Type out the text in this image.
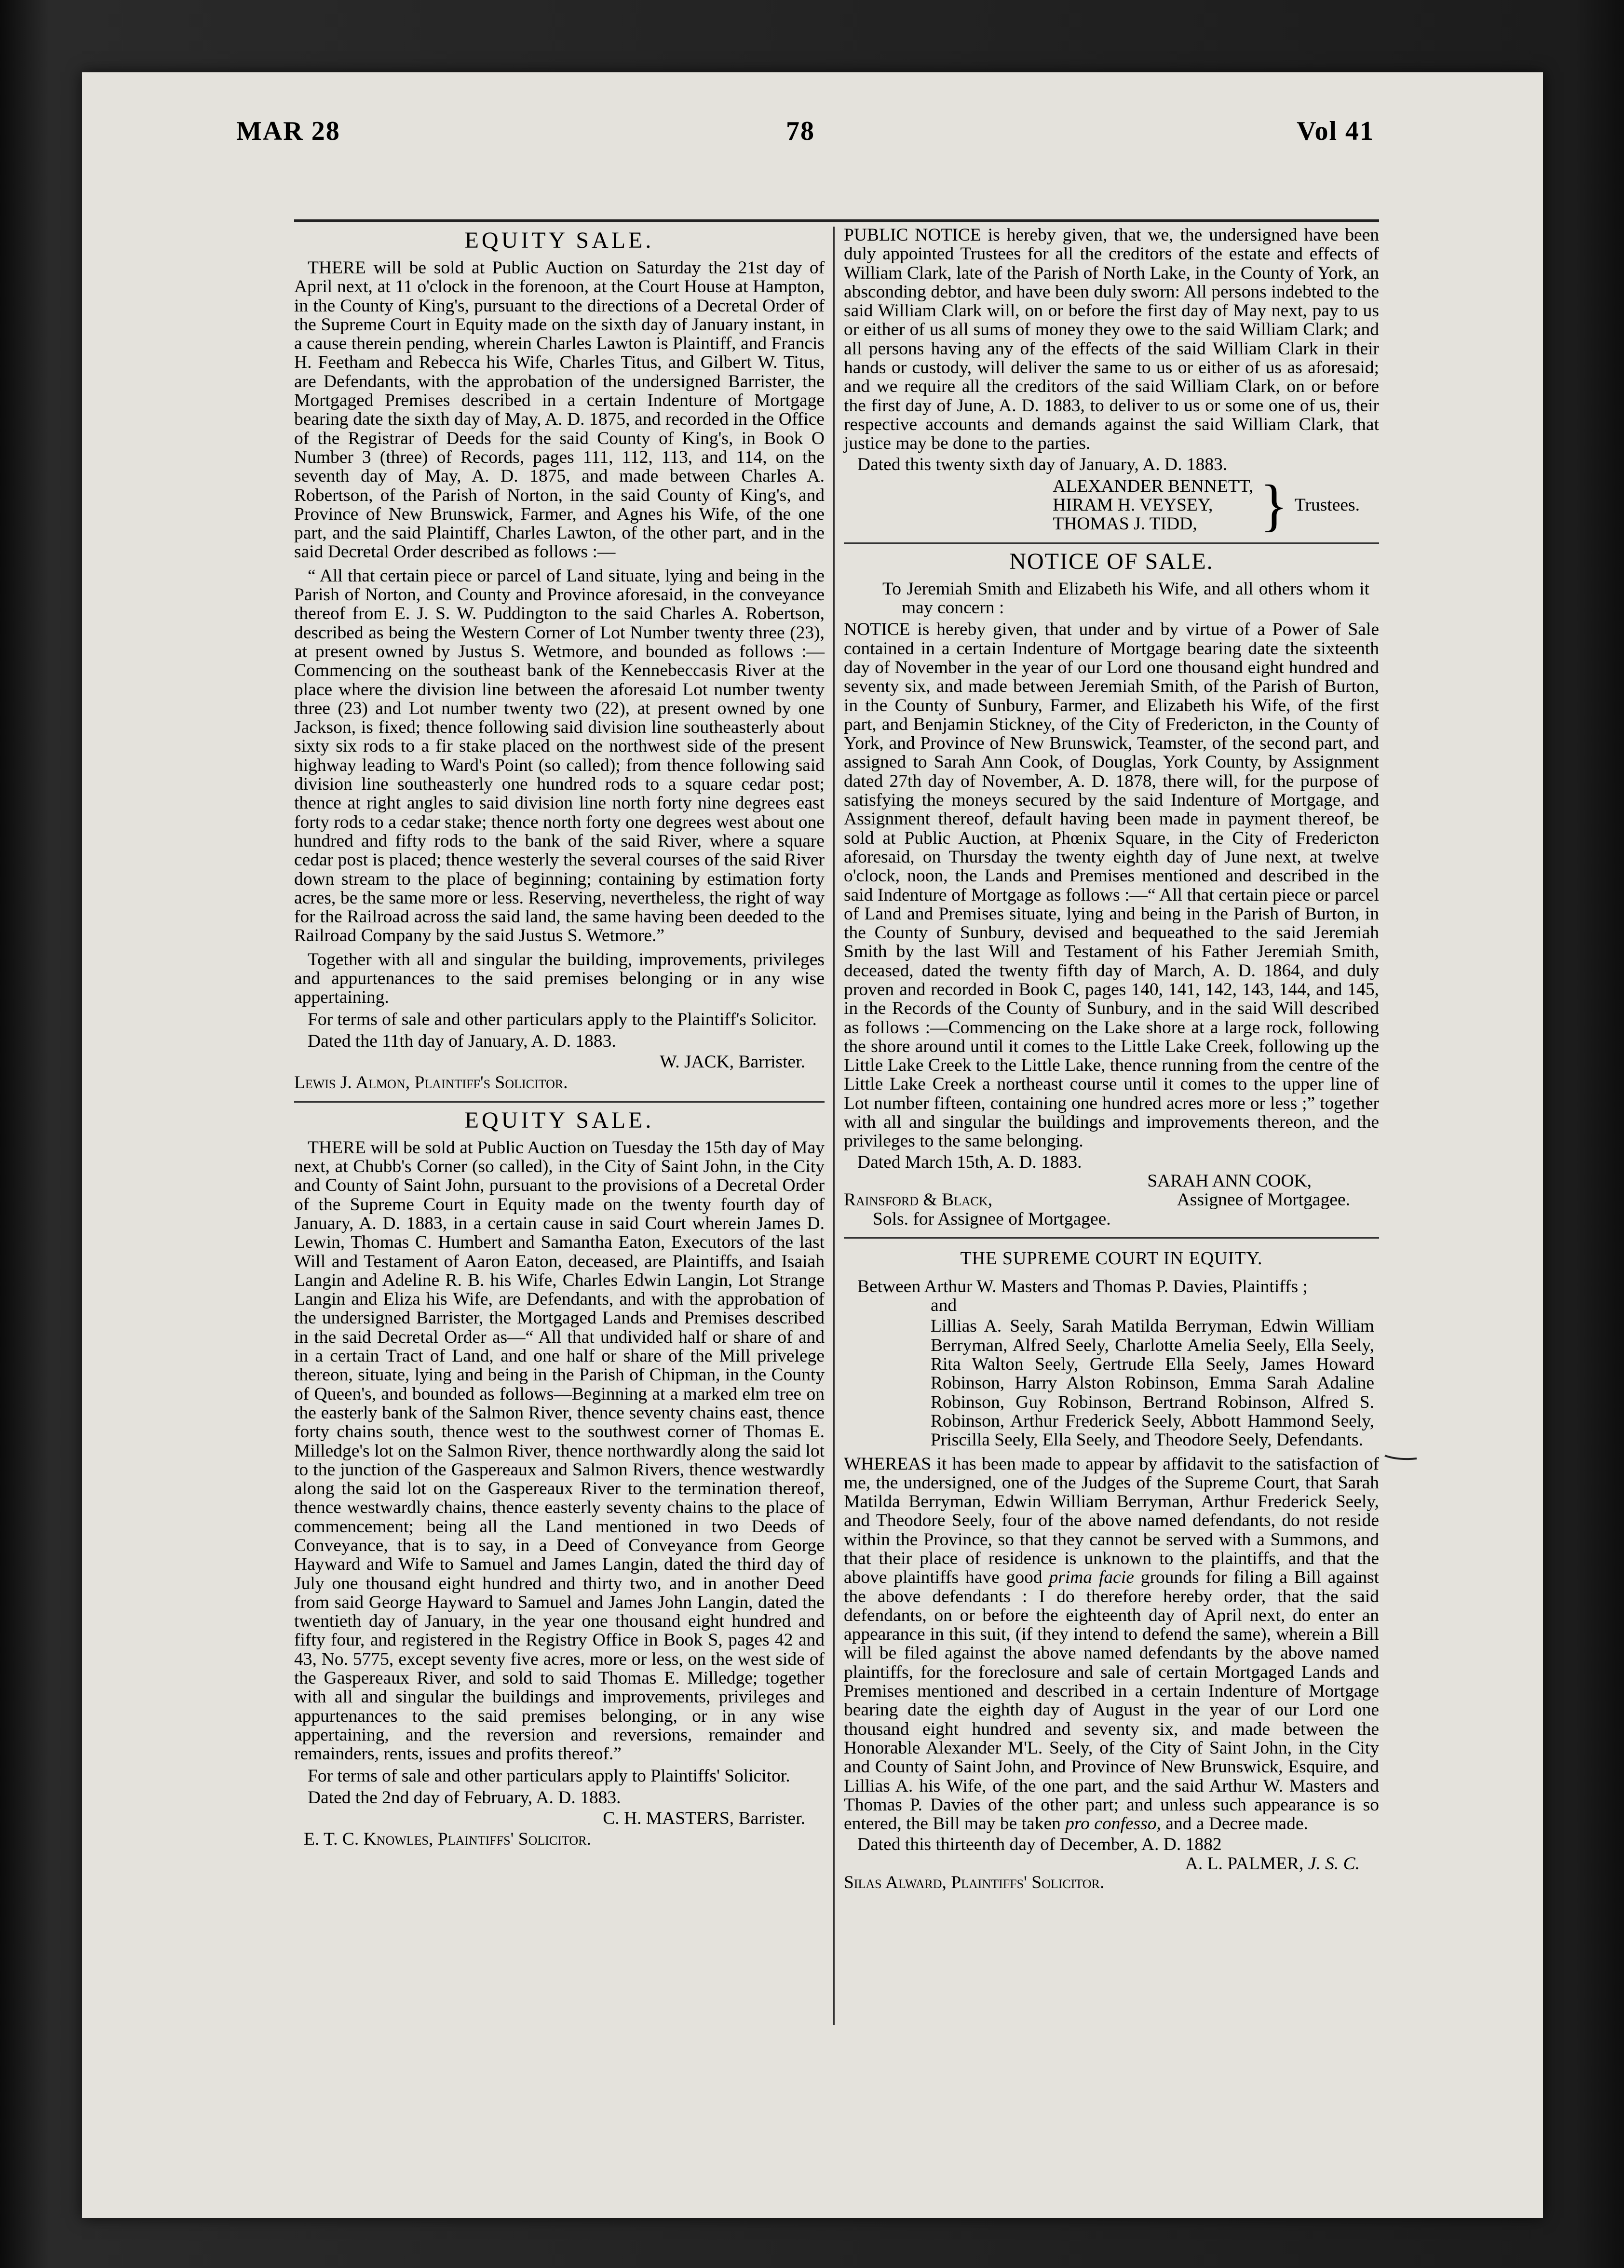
MAR 28	78	Vol 41
EQUITY SALE.

THERE will be sold at Public Auction on Saturday the 21st day of April next, at 11 o'clock in the forenoon, at the Court House at Hampton, in the County of King's, pursuant to the directions of a Decretal Order of the Supreme Court in Equity made on the sixth day of January instant, in a cause therein pending, wherein Charles Lawton is Plaintiff, and Francis H. Feetham and Rebecca his Wife, Charles Titus, and Gilbert W. Titus, are Defendants, with the approbation of the undersigned Barrister, the Mortgaged Premises described in a certain Indenture of Mortgage bearing date the sixth day of May, A. D. 1875, and recorded in the Office of the Registrar of Deeds for the said County of King's, in Book O Number 3 (three) of Records, pages 111, 112, 113, and 114, on the seventh day of May, A. D. 1875, and made between Charles A. Robertson, of the Parish of Norton, in the said County of King's, and Province of New Brunswick, Farmer, and Agnes his Wife, of the one part, and the said Plaintiff, Charles Lawton, of the other part, and in the said Decretal Order described as follows :—

“ All that certain piece or parcel of Land situate, lying and being in the Parish of Norton, and County and Province aforesaid, in the conveyance thereof from E. J. S. W. Puddington to the said Charles A. Robertson, described as being the Western Corner of Lot Number twenty three (23), at present owned by Justus S. Wetmore, and bounded as follows :—Commencing on the southeast bank of the Kennebeccasis River at the place where the division line between the aforesaid Lot number twenty three (23) and Lot number twenty two (22), at present owned by one Jackson, is fixed; thence following said division line southeasterly about sixty six rods to a fir stake placed on the northwest side of the present highway leading to Ward's Point (so called); from thence following said division line southeasterly one hundred rods to a square cedar post; thence at right angles to said division line north forty nine degrees east forty rods to a cedar stake; thence north forty one degrees west about one hundred and fifty rods to the bank of the said River, where a square cedar post is placed; thence westerly the several courses of the said River down stream to the place of beginning; containing by estimation forty acres, be the same more or less. Reserving, nevertheless, the right of way for the Railroad across the said land, the same having been deeded to the Railroad Company by the said Justus S. Wetmore.”

Together with all and singular the building, improvements, privileges and appurtenances to the said premises belonging or in any wise appertaining.

For terms of sale and other particulars apply to the Plaintiff's Solicitor.

Dated the 11th day of January, A. D. 1883.

W. JACK, Barrister.
Lewis J. Almon, Plaintiff's Solicitor.
EQUITY SALE.

THERE will be sold at Public Auction on Tuesday the 15th day of May next, at Chubb's Corner (so called), in the City of Saint John, in the City and County of Saint John, pursuant to the provisions of a Decretal Order of the Supreme Court in Equity made on the twenty fourth day of January, A. D. 1883, in a certain cause in said Court wherein James D. Lewin, Thomas C. Humbert and Samantha Eaton, Executors of the last Will and Testament of Aaron Eaton, deceased, are Plaintiffs, and Isaiah Langin and Adeline R. B. his Wife, Charles Edwin Langin, Lot Strange Langin and Eliza his Wife, are Defendants, and with the approbation of the undersigned Barrister, the Mortgaged Lands and Premises described in the said Decretal Order as—“ All that undivided half or share of and in a certain Tract of Land, and one half or share of the Mill privelege thereon, situate, lying and being in the Parish of Chipman, in the County of Queen's, and bounded as follows—Beginning at a marked elm tree on the easterly bank of the Salmon River, thence seventy chains east, thence forty chains south, thence west to the southwest corner of Thomas E. Milledge's lot on the Salmon River, thence northwardly along the said lot to the junction of the Gaspereaux and Salmon Rivers, thence westwardly along the said lot on the Gaspereaux River to the termination thereof, thence westwardly chains, thence easterly seventy chains to the place of commencement; being all the Land mentioned in two Deeds of Conveyance, that is to say, in a Deed of Conveyance from George Hayward and Wife to Samuel and James Langin, dated the third day of July one thousand eight hundred and thirty two, and in another Deed from said George Hayward to Samuel and James John Langin, dated the twentieth day of January, in the year one thousand eight hundred and fifty four, and registered in the Registry Office in Book S, pages 42 and 43, No. 5775, except seventy five acres, more or less, on the west side of the Gaspereaux River, and sold to said Thomas E. Milledge; together with all and singular the buildings and improvements, privileges and appurtenances to the said premises belonging, or in any wise appertaining, and the reversion and reversions, remainder and remainders, rents, issues and profits thereof.”

For terms of sale and other particulars apply to Plaintiffs' Solicitor.

Dated the 2nd day of February, A. D. 1883.

C. H. MASTERS, Barrister.
E. T. C. Knowles, Plaintiffs' Solicitor.

PUBLIC NOTICE is hereby given, that we, the undersigned have been duly appointed Trustees for all the creditors of the estate and effects of William Clark, late of the Parish of North Lake, in the County of York, an absconding debtor, and have been duly sworn: All persons indebted to the said William Clark will, on or before the first day of May next, pay to us or either of us all sums of money they owe to the said William Clark; and all persons having any of the effects of the said William Clark in their hands or custody, will deliver the same to us or either of us as aforesaid; and we require all the creditors of the said William Clark, on or before the first day of June, A. D. 1883, to deliver to us or some one of us, their respective accounts and demands against the said William Clark, that justice may be done to the parties.

Dated this twenty sixth day of January, A. D. 1883.

ALEXANDER BENNETT,
HIRAM H. VEYSEY,
THOMAS J. TIDD,	} Trustees.
NOTICE OF SALE.
To Jeremiah Smith and Elizabeth his Wife, and all others whom it may concern :

NOTICE is hereby given, that under and by virtue of a Power of Sale contained in a certain Indenture of Mortgage bearing date the sixteenth day of November in the year of our Lord one thousand eight hundred and seventy six, and made between Jeremiah Smith, of the Parish of Burton, in the County of Sunbury, Farmer, and Elizabeth his Wife, of the first part, and Benjamin Stickney, of the City of Fredericton, in the County of York, and Province of New Brunswick, Teamster, of the second part, and assigned to Sarah Ann Cook, of Douglas, York County, by Assignment dated 27th day of November, A. D. 1878, there will, for the purpose of satisfying the moneys secured by the said Indenture of Mortgage, and Assignment thereof, default having been made in payment thereof, be sold at Public Auction, at Phœnix Square, in the City of Fredericton aforesaid, on Thursday the twenty eighth day of June next, at twelve o'clock, noon, the Lands and Premises mentioned and described in the said Indenture of Mortgage as follows :—“ All that certain piece or parcel of Land and Premises situate, lying and being in the Parish of Burton, in the County of Sunbury, devised and bequeathed to the said Jeremiah Smith by the last Will and Testament of his Father Jeremiah Smith, deceased, dated the twenty fifth day of March, A. D. 1864, and duly proven and recorded in Book C, pages 140, 141, 142, 143, 144, and 145, in the Records of the County of Sunbury, and in the said Will described as follows :—Commencing on the Lake shore at a large rock, following the shore around until it comes to the Little Lake Creek, following up the Little Lake Creek to the Little Lake, thence running from the centre of the Little Lake Creek a northeast course until it comes to the upper line of Lot number fifteen, containing one hundred acres more or less ;” together with all and singular the buildings and improvements thereon, and the privileges to the same belonging.

Dated March 15th, A. D. 1883.

SARAH ANN COOK,
Rainsford & Black,	Assignee of Mortgagee.
Sols. for Assignee of Mortgagee.
THE SUPREME COURT IN EQUITY.
Between Arthur W. Masters and Thomas P. Davies, Plaintiffs ;
and
Lillias A. Seely, Sarah Matilda Berryman, Edwin William Berryman, Alfred Seely, Charlotte Amelia Seely, Ella Seely, Rita Walton Seely, Gertrude Ella Seely, James Howard Robinson, Harry Alston Robinson, Emma Sarah Adaline Robinson, Guy Robinson, Bertrand Robinson, Alfred S. Robinson, Arthur Frederick Seely, Abbott Hammond Seely, Priscilla Seely, Ella Seely, and Theodore Seely, Defendants.

WHEREAS it has been made to appear by affidavit to the satisfaction of me, the undersigned, one of the Judges of the Supreme Court, that Sarah Matilda Berryman, Edwin William Berryman, Arthur Frederick Seely, and Theodore Seely, four of the above named defendants, do not reside within the Province, so that they cannot be served with a Summons, and that their place of residence is unknown to the plaintiffs, and that the above plaintiffs have good prima facie grounds for filing a Bill against the above defendants : I do therefore hereby order, that the said defendants, on or before the eighteenth day of April next, do enter an appearance in this suit, (if they intend to defend the same), wherein a Bill will be filed against the above named defendants by the above named plaintiffs, for the foreclosure and sale of certain Mortgaged Lands and Premises mentioned and described in a certain Indenture of Mortgage bearing date the eighth day of August in the year of our Lord one thousand eight hundred and seventy six, and made between the Honorable Alexander M'L. Seely, of the City of Saint John, in the City and County of Saint John, and Province of New Brunswick, Esquire, and Lillias A. his Wife, of the one part, and the said Arthur W. Masters and Thomas P. Davies of the other part; and unless such appearance is so entered, the Bill may be taken pro confesso, and a Decree made.

Dated this thirteenth day of December, A. D. 1882

A. L. PALMER, J. S. C.
Silas Alward, Plaintiffs' Solicitor.
